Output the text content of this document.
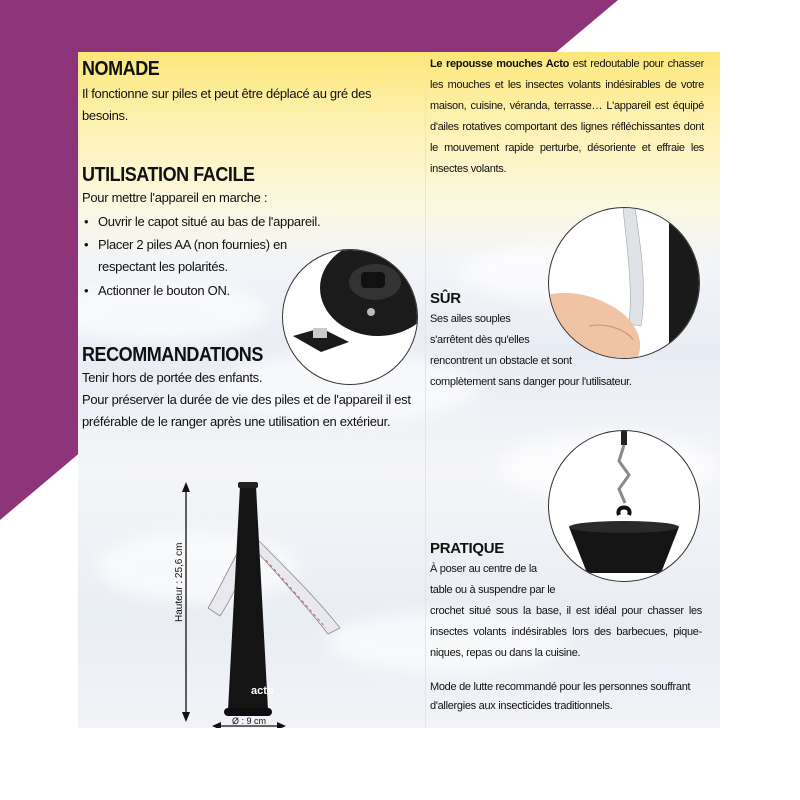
NOMADE
Il fonctionne sur piles et peut être déplacé au gré des besoins.
UTILISATION FACILE
Pour mettre l'appareil en marche :
• Ouvrir le capot situé au bas de l'appareil.
• Placer 2 piles AA (non fournies) en respectant les polarités.
• Actionner le bouton ON.
RECOMMANDATIONS
Tenir hors de portée des enfants.
Pour préserver la durée de vie des piles et de l'appareil il est préférable de le ranger après une utilisation en extérieur.
acto
Hauteur : 25,6 cm
Ø : 9 cm
Le repousse mouches Acto est redoutable pour chasser les mouches et les insectes volants indésirables de votre maison, cuisine, véranda, terrasse… L'appareil est équipé d'ailes rotatives comportant des lignes réfléchissantes dont le mouvement rapide perturbe, désoriente et effraie les insectes volants.
SÛR
Ses ailes souples
s'arrêtent dès qu'elles
rencontrent un obstacle et sont
complètement sans danger pour l'utilisateur.
PRATIQUE
À poser au centre de la
table ou à suspendre par le
crochet situé sous la base, il est idéal pour chasser les insectes volants indésirables lors des barbecues, pique-niques, repas ou dans la cuisine.
Mode de lutte recommandé pour les personnes souffrant d'allergies aux insecticides traditionnels.
